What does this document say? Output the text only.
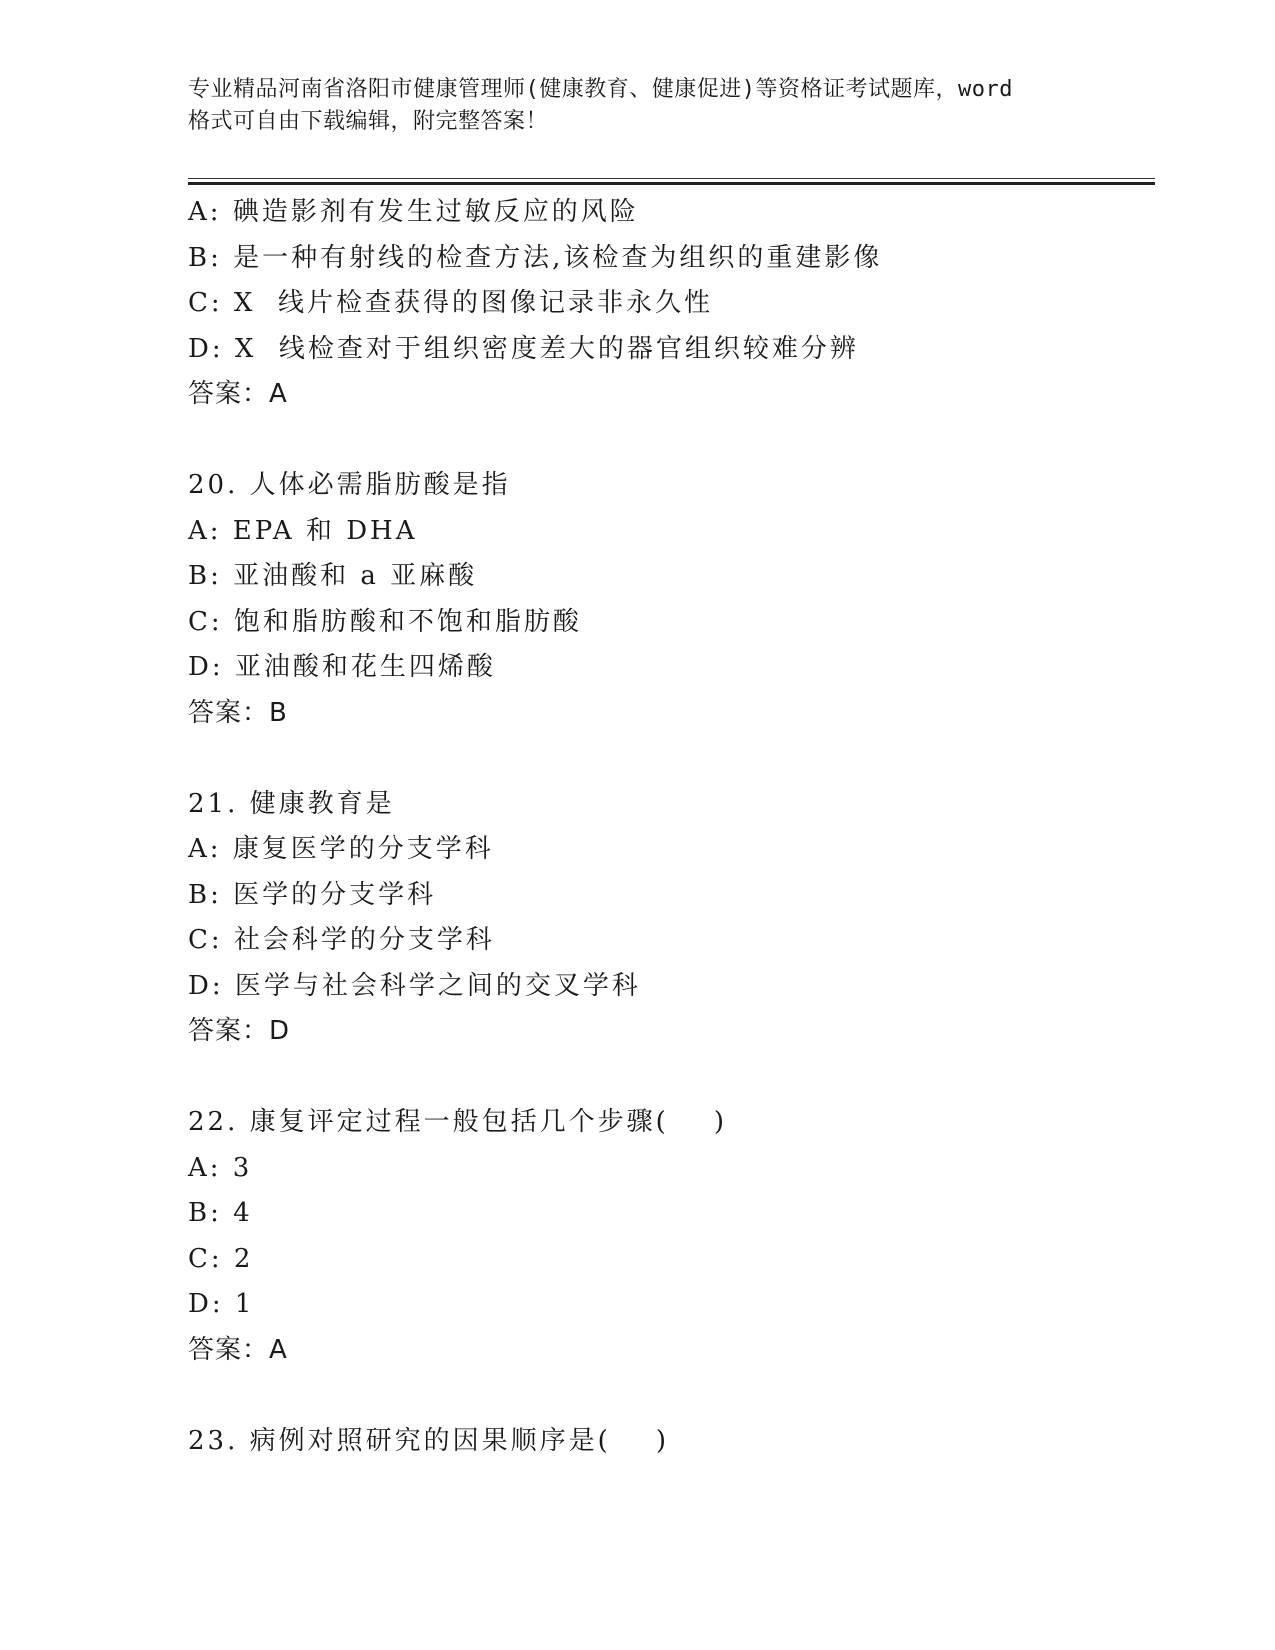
专业精品河南省洛阳市健康管理师(健康教育、健康促进)等资格证考试题库，word
格式可自由下载编辑，附完整答案！
A: 碘造影剂有发生过敏反应的风险
B: 是一种有射线的检查方法,该检查为组织的重建影像
C: X  线片检查获得的图像记录非永久性
D: X  线检查对于组织密度差大的器官组织较难分辨
答案：A
20. 人体必需脂肪酸是指
A: EPA 和 DHA
B: 亚油酸和 a 亚麻酸
C: 饱和脂肪酸和不饱和脂肪酸
D: 亚油酸和花生四烯酸
答案：B
21. 健康教育是
A: 康复医学的分支学科
B: 医学的分支学科
C: 社会科学的分支学科
D: 医学与社会科学之间的交叉学科
答案：D
22. 康复评定过程一般包括几个步骤(    )
A: 3
B: 4
C: 2
D: 1
答案：A
23. 病例对照研究的因果顺序是(    )
